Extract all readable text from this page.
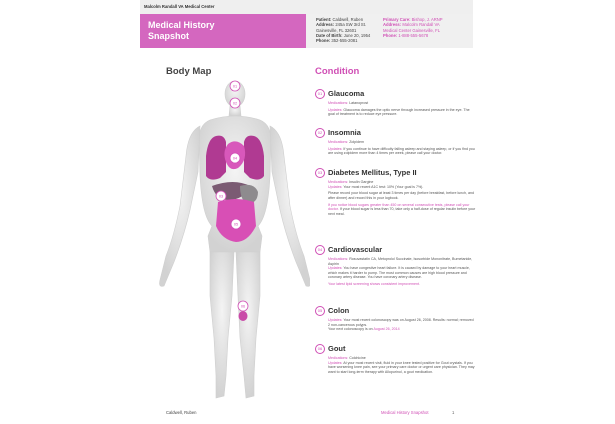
Malcolm Randall VA Medical Center
Medical History
Snapshot
Patient: Caldwell, Ruben
Address: 245a SW 3rd St.
Gainesville, FL 32601
Date of Birth: June 20, 1954
Phone: 352-555-2081
Primary Care: Bishop, J. ARNP
Address: Malcolm Randall VA
Medical Center Gainesville, FL
Phone: 1-888-555-5678
Body Map	Condition
01
02
03
04
05
06
01 Glaucoma

Medications: Latanoprost

Updates: Glaucoma damages the optic nerve through increased pressure in the eye. The goal of treatment is to reduce eye pressure.

02 Insomnia

Medications: Zolpidem

Updates: If you continue to have difficulty falling asleep and staying asleep, or if you find you are using zolpidem more than 4 times per week, please call your doctor.

03 Diabetes Mellitus, Type II

Medications: Insulin Gargine
Updates: Your most recent A1C test: 10% (Your goal is 7%).

Please record your blood sugar at least 3 times per day (before breakfast, before lunch, and after dinner) and record this in your logbook.

If you notice blood sugars greater than 450 on several consecutive tests, please call your doctor. If your blood sugar is less than 70, take only a half-dose of regular insulin before your next meal.

04 Cardiovascular

Medications: Rosuvastatin CA, Metoprolol Succinate, Isosorbide Mononitrate, Bumetanide, Aspirin
Updates: You have congestive heart failure. It is caused by damage to your heart muscle, which makes it harder to pump. The most common causes are high blood pressure and coronary artery disease. You have coronary artery disease.

Your latest lipid screening shows consistent improvement.

05 Colon

Updates: Your most recent colonoscopy was on August 26, 2008. Results: normal; removed 2 non-cancerous polyps.
Your next colonoscopy is on August 26, 2014

06 Gout

Medications: Colchicine
Updates: At your most recent visit, fluid in your knee tested positive for Gout crystals. If you have worsening knee pain, see your primary care doctor or urgent care physician. They may want to start long-term therapy with Allopurinol, a gout medication.

Caldwell, Ruben	Medical History Snapshot	1
